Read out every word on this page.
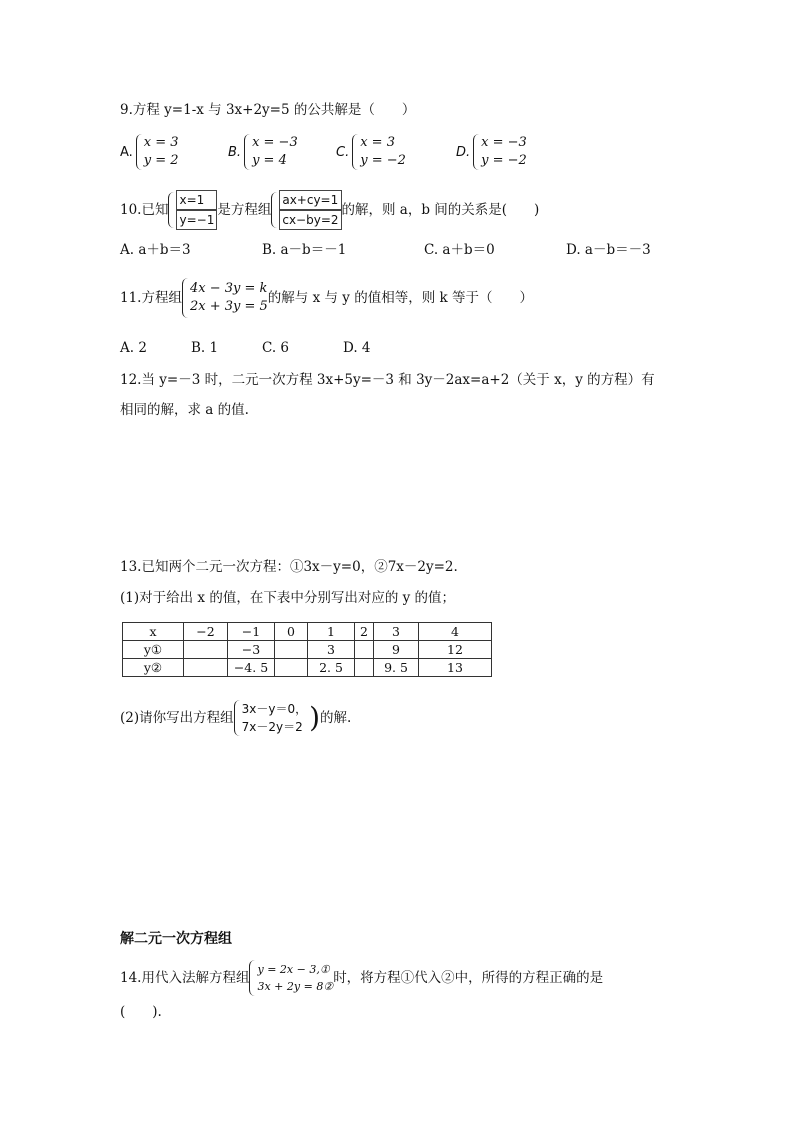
9.方程 y=1-x 与 3x+2y=5 的公共解是（　　）
A.
x = 3
y = 2
B.
x = −3
y = 4
C.
x = 3
y = −2
D.
x = −3
y = −2
10.已知
x=1
y=−1
是方程组
ax+cy=1
cx−by=2
的解，则 a，b 间的关系是(　　)
A. a＋b＝3	B. a－b＝－1	C. a＋b＝0	D. a－b＝－3
11.方程组
4x − 3y = k
2x + 3y = 5
的解与 x 与 y 的值相等，则 k 等于（　　）
A. 2	B. 1	C. 6	D. 4
12.当 y=－3 时，二元一次方程 3x+5y=－3 和 3y－2ax=a+2（关于 x，y 的方程）有
相同的解，求 a 的值.
13.已知两个二元一次方程：①3x－y=0，②7x－2y=2.
(1)对于给出 x 的值，在下表中分别写出对应的 y 的值；
x	−2	−1	0	1	2	3	4
y①		−3		3		9	12
y②		−4. 5		2. 5		9. 5	13
(2)请你写出方程组
3x－y＝0，
7x－2y＝2 ) 的解.
解二元一次方程组
14.用代入法解方程组
y = 2x − 3,①
3x + 2y = 8②
时，将方程①代入②中，所得的方程正确的是
(　　).
